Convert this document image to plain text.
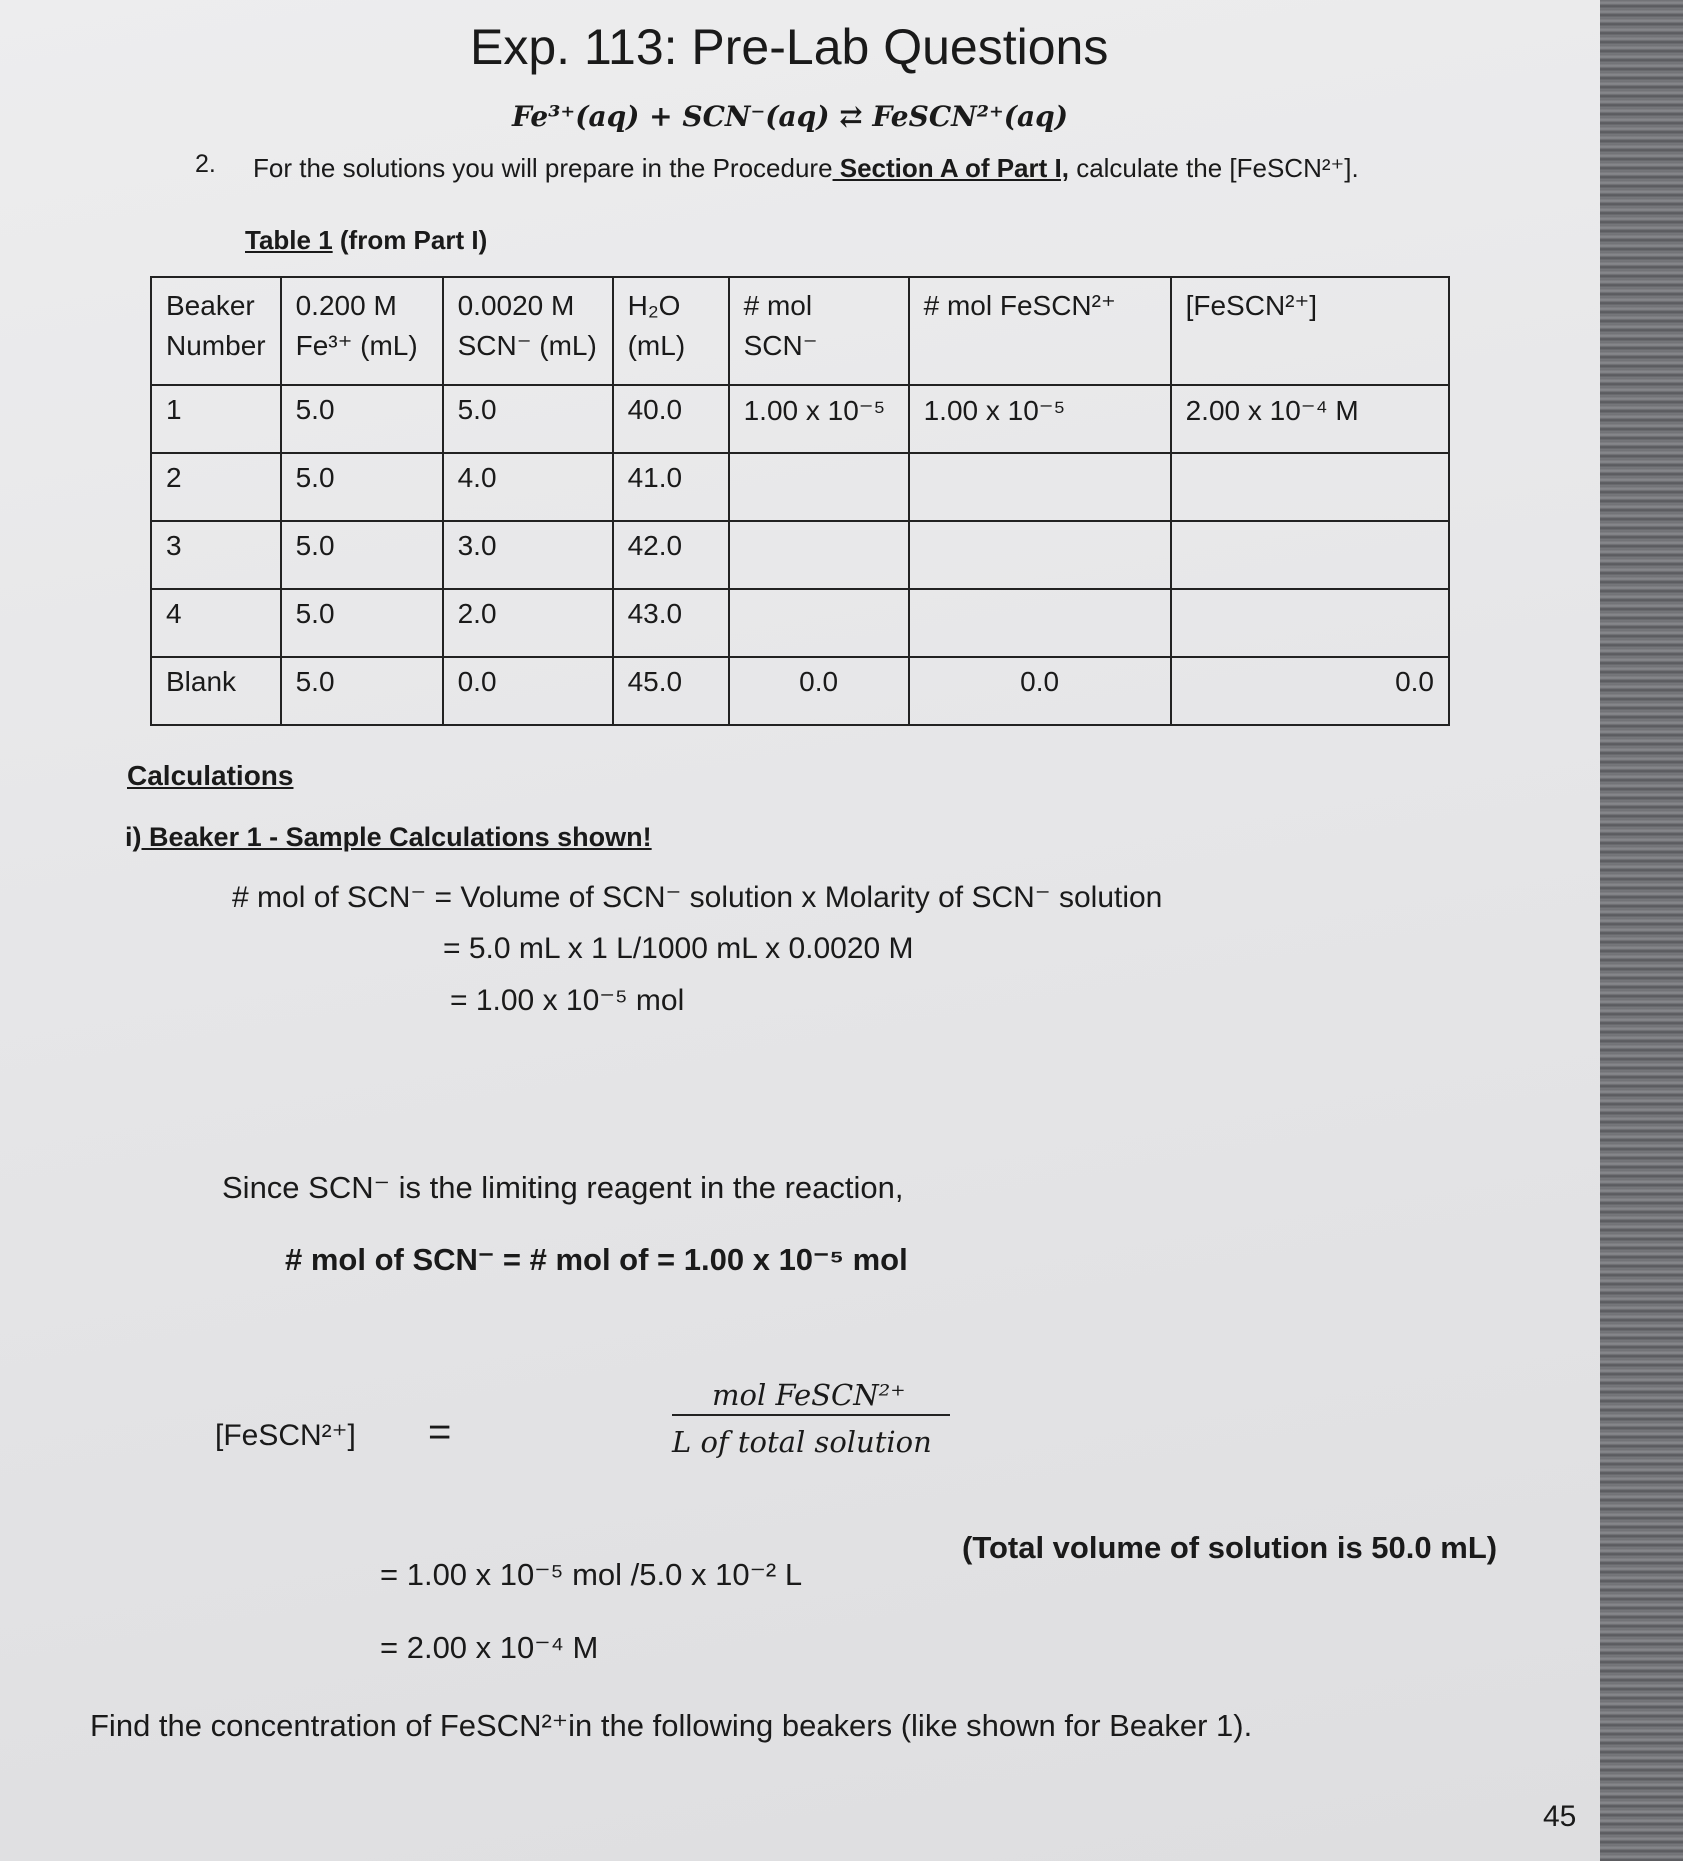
Exp. 113: Pre-Lab Questions
Fe³⁺(aq) + SCN⁻(aq) ⇄ FeSCN²⁺(aq)
2. For the solutions you will prepare in the Procedure Section A of Part I, calculate the [FeSCN²⁺].
Table 1 (from Part I)
Beaker Number	0.200 M Fe³⁺ (mL)	0.0020 M SCN⁻ (mL)	H₂O (mL)	# mol SCN⁻	# mol FeSCN²⁺	[FeSCN²⁺]
1	5.0	5.0	40.0	1.00 x 10⁻⁵	1.00 x 10⁻⁵	2.00 x 10⁻⁴ M
2	5.0	4.0	41.0			
3	5.0	3.0	42.0			
4	5.0	2.0	43.0			
Blank	5.0	0.0	45.0	0.0	0.0	0.0
Calculations
i) Beaker 1 - Sample Calculations shown!
# mol of SCN⁻ = Volume of SCN⁻ solution x Molarity of SCN⁻ solution
= 5.0 mL x 1 L/1000 mL x 0.0020 M
= 1.00 x 10⁻⁵ mol
Since SCN⁻ is the limiting reagent in the reaction,
# mol of SCN⁻ = # mol of = 1.00 x 10⁻⁵ mol
[FeSCN²⁺] =
mol FeSCN²⁺
L of total solution
= 1.00 x 10⁻⁵ mol /5.0 x 10⁻² L
(Total volume of solution is 50.0 mL)
= 2.00 x 10⁻⁴ M
Find the concentration of FeSCN²⁺in the following beakers (like shown for Beaker 1).
45
